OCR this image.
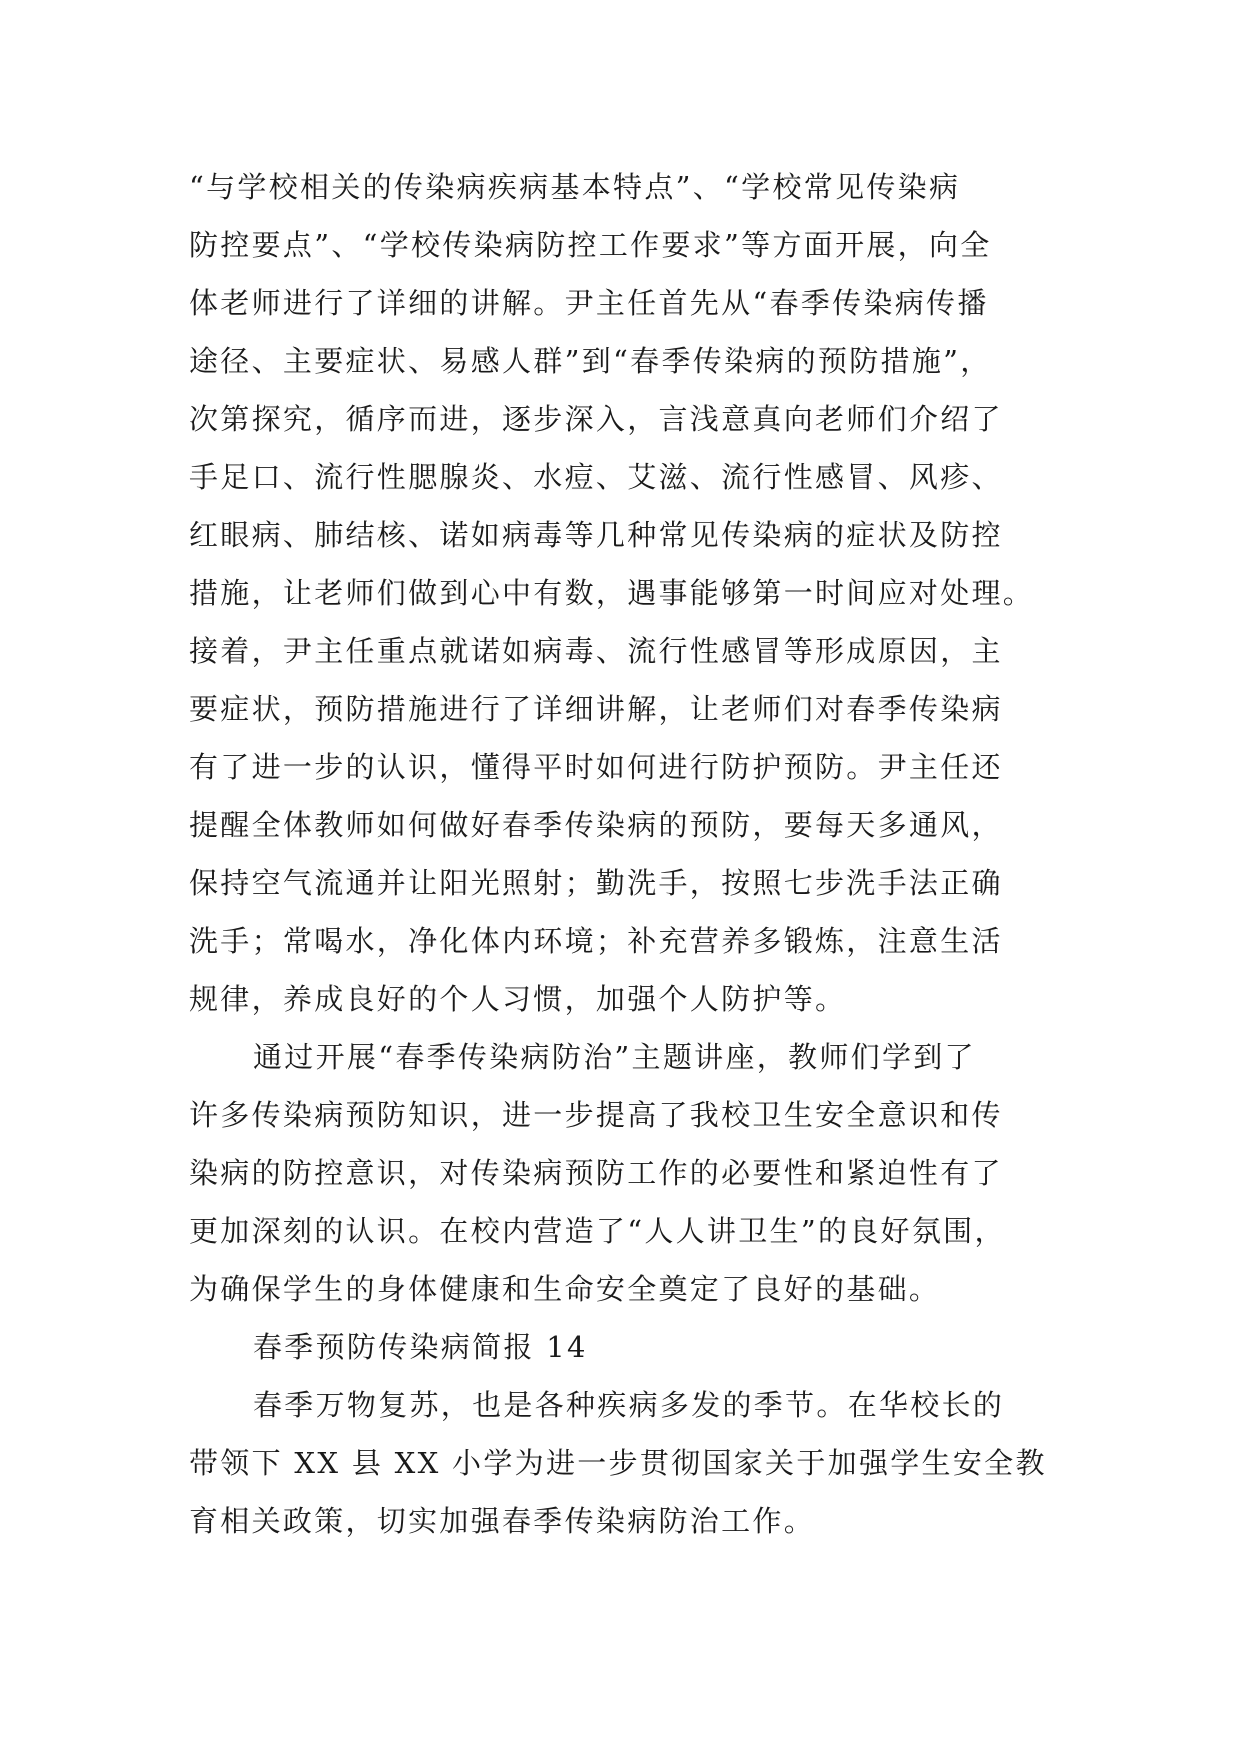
“与学校相关的传染病疾病基本特点”、“学校常见传染病
防控要点”、“学校传染病防控工作要求”等方面开展，向全
体老师进行了详细的讲解。尹主任首先从“春季传染病传播
途径、主要症状、易感人群”到“春季传染病的预防措施”，
次第探究，循序而进，逐步深入，言浅意真向老师们介绍了
手足口、流行性腮腺炎、水痘、艾滋、流行性感冒、风疹、
红眼病、肺结核、诺如病毒等几种常见传染病的症状及防控
措施，让老师们做到心中有数，遇事能够第一时间应对处理。
接着，尹主任重点就诺如病毒、流行性感冒等形成原因，主
要症状，预防措施进行了详细讲解，让老师们对春季传染病
有了进一步的认识，懂得平时如何进行防护预防。尹主任还
提醒全体教师如何做好春季传染病的预防，要每天多通风，
保持空气流通并让阳光照射；勤洗手，按照七步洗手法正确
洗手；常喝水，净化体内环境；补充营养多锻炼，注意生活
规律，养成良好的个人习惯，加强个人防护等。
通过开展“春季传染病防治”主题讲座，教师们学到了
许多传染病预防知识，进一步提高了我校卫生安全意识和传
染病的防控意识，对传染病预防工作的必要性和紧迫性有了
更加深刻的认识。在校内营造了“人人讲卫生”的良好氛围，
为确保学生的身体健康和生命安全奠定了良好的基础。
春季预防传染病简报 14
春季万物复苏，也是各种疾病多发的季节。在华校长的
带领下 XX 县 XX 小学为进一步贯彻国家关于加强学生安全教
育相关政策，切实加强春季传染病防治工作。
